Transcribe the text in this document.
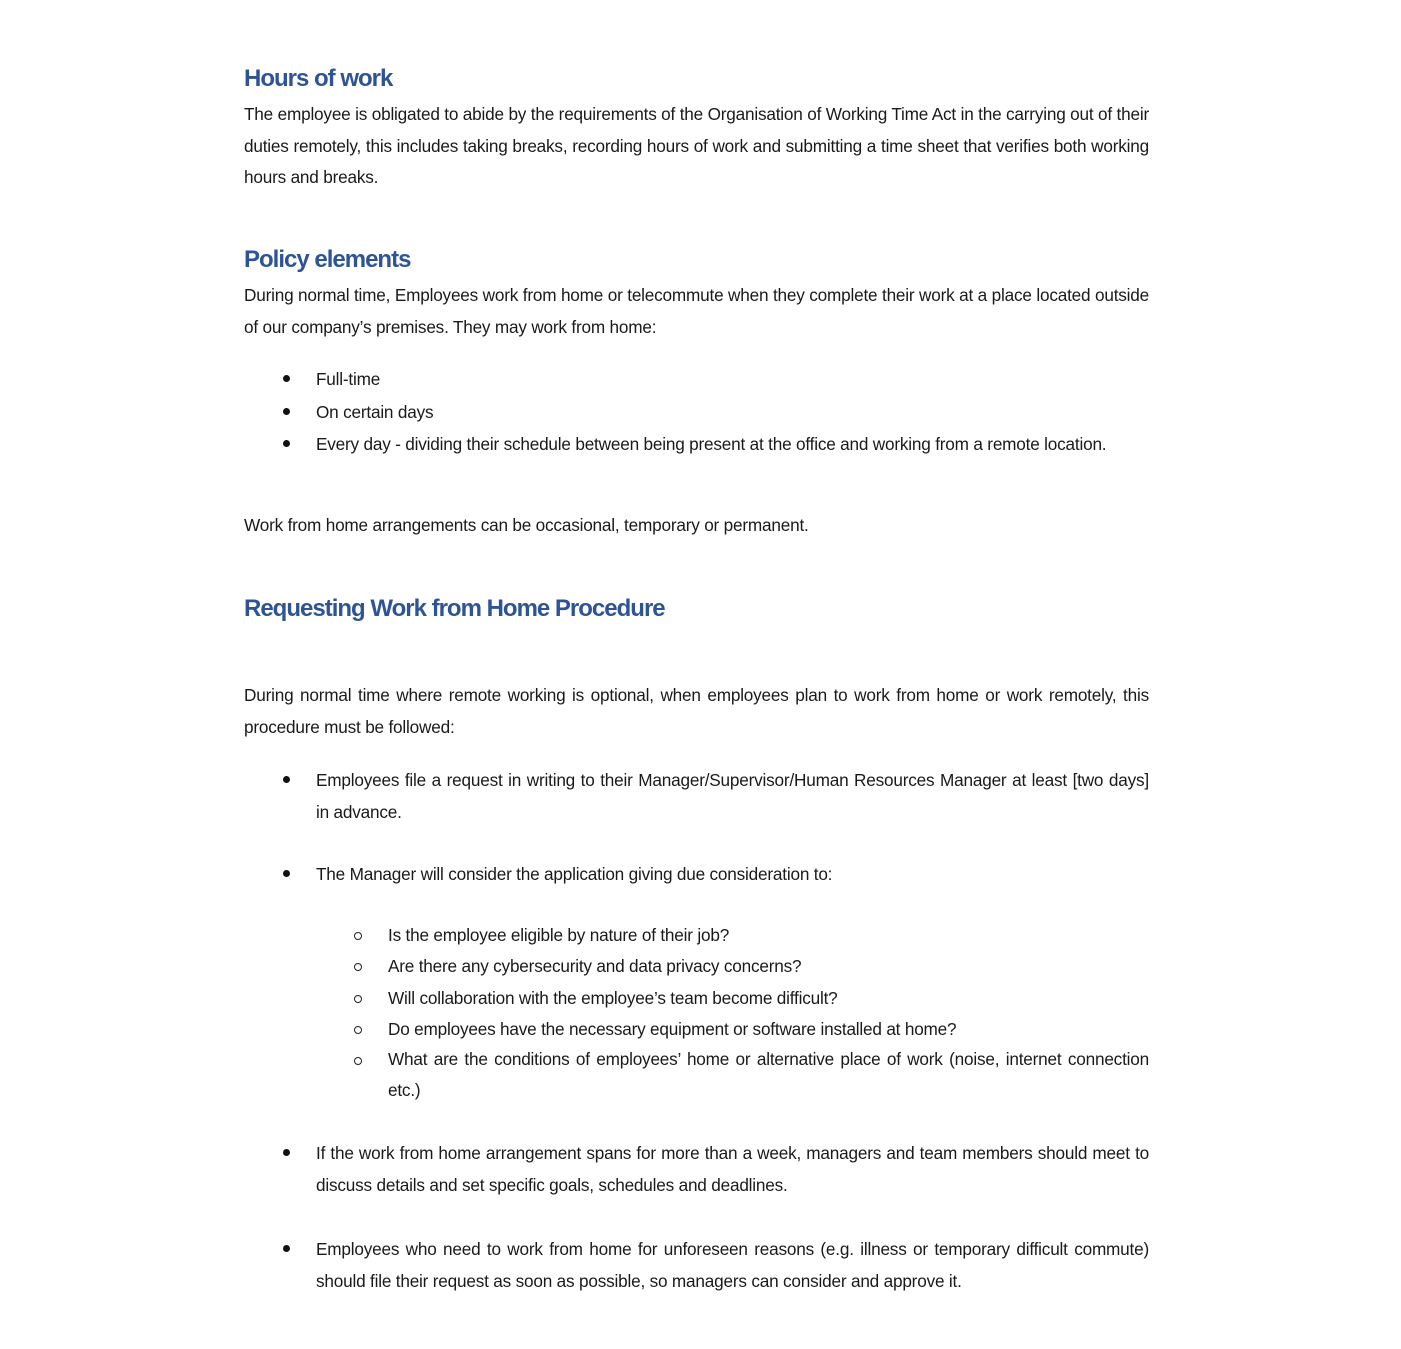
Hours of work

The employee is obligated to abide by the requirements of the Organisation of Working Time Act in the carrying out of their duties remotely, this includes taking breaks, recording hours of work and submitting a time sheet that verifies both working hours and breaks.

Policy elements

During normal time, Employees work from home or telecommute when they complete their work at a place located outside of our company’s premises. They may work from home:

Full-time

On certain days

Every day - dividing their schedule between being present at the office and working from a remote location.

Work from home arrangements can be occasional, temporary or permanent.

Requesting Work from Home Procedure

During normal time where remote working is optional, when employees plan to work from home or work remotely, this procedure must be followed:

Employees file a request in writing to their Manager/Supervisor/Human Resources Manager at least [two days] in advance.

The Manager will consider the application giving due consideration to:

Is the employee eligible by nature of their job?

Are there any cybersecurity and data privacy concerns?

Will collaboration with the employee’s team become difficult?

Do employees have the necessary equipment or software installed at home?

What are the conditions of employees’ home or alternative place of work (noise, internet connection etc.)

If the work from home arrangement spans for more than a week, managers and team members should meet to discuss details and set specific goals, schedules and deadlines.

Employees who need to work from home for unforeseen reasons (e.g. illness or temporary difficult commute) should file their request as soon as possible, so managers can consider and approve it.
